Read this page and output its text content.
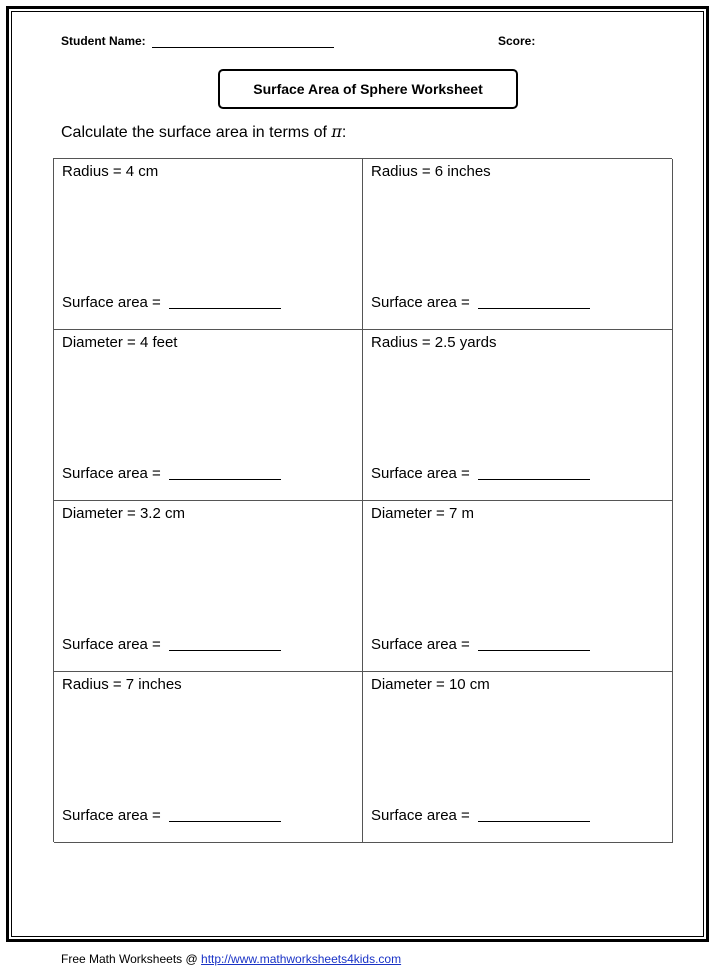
Student Name:	Score:
Surface Area of Sphere Worksheet
Calculate the surface area in terms of π:
Radius = 4 cm
Surface area =
Radius = 6 inches
Surface area =
Diameter = 4 feet
Surface area =
Radius = 2.5 yards
Surface area =
Diameter = 3.2 cm
Surface area =
Diameter = 7 m
Surface area =
Radius = 7 inches
Surface area =
Diameter = 10 cm
Surface area =
Free Math Worksheets @ http://www.mathworksheets4kids.com
